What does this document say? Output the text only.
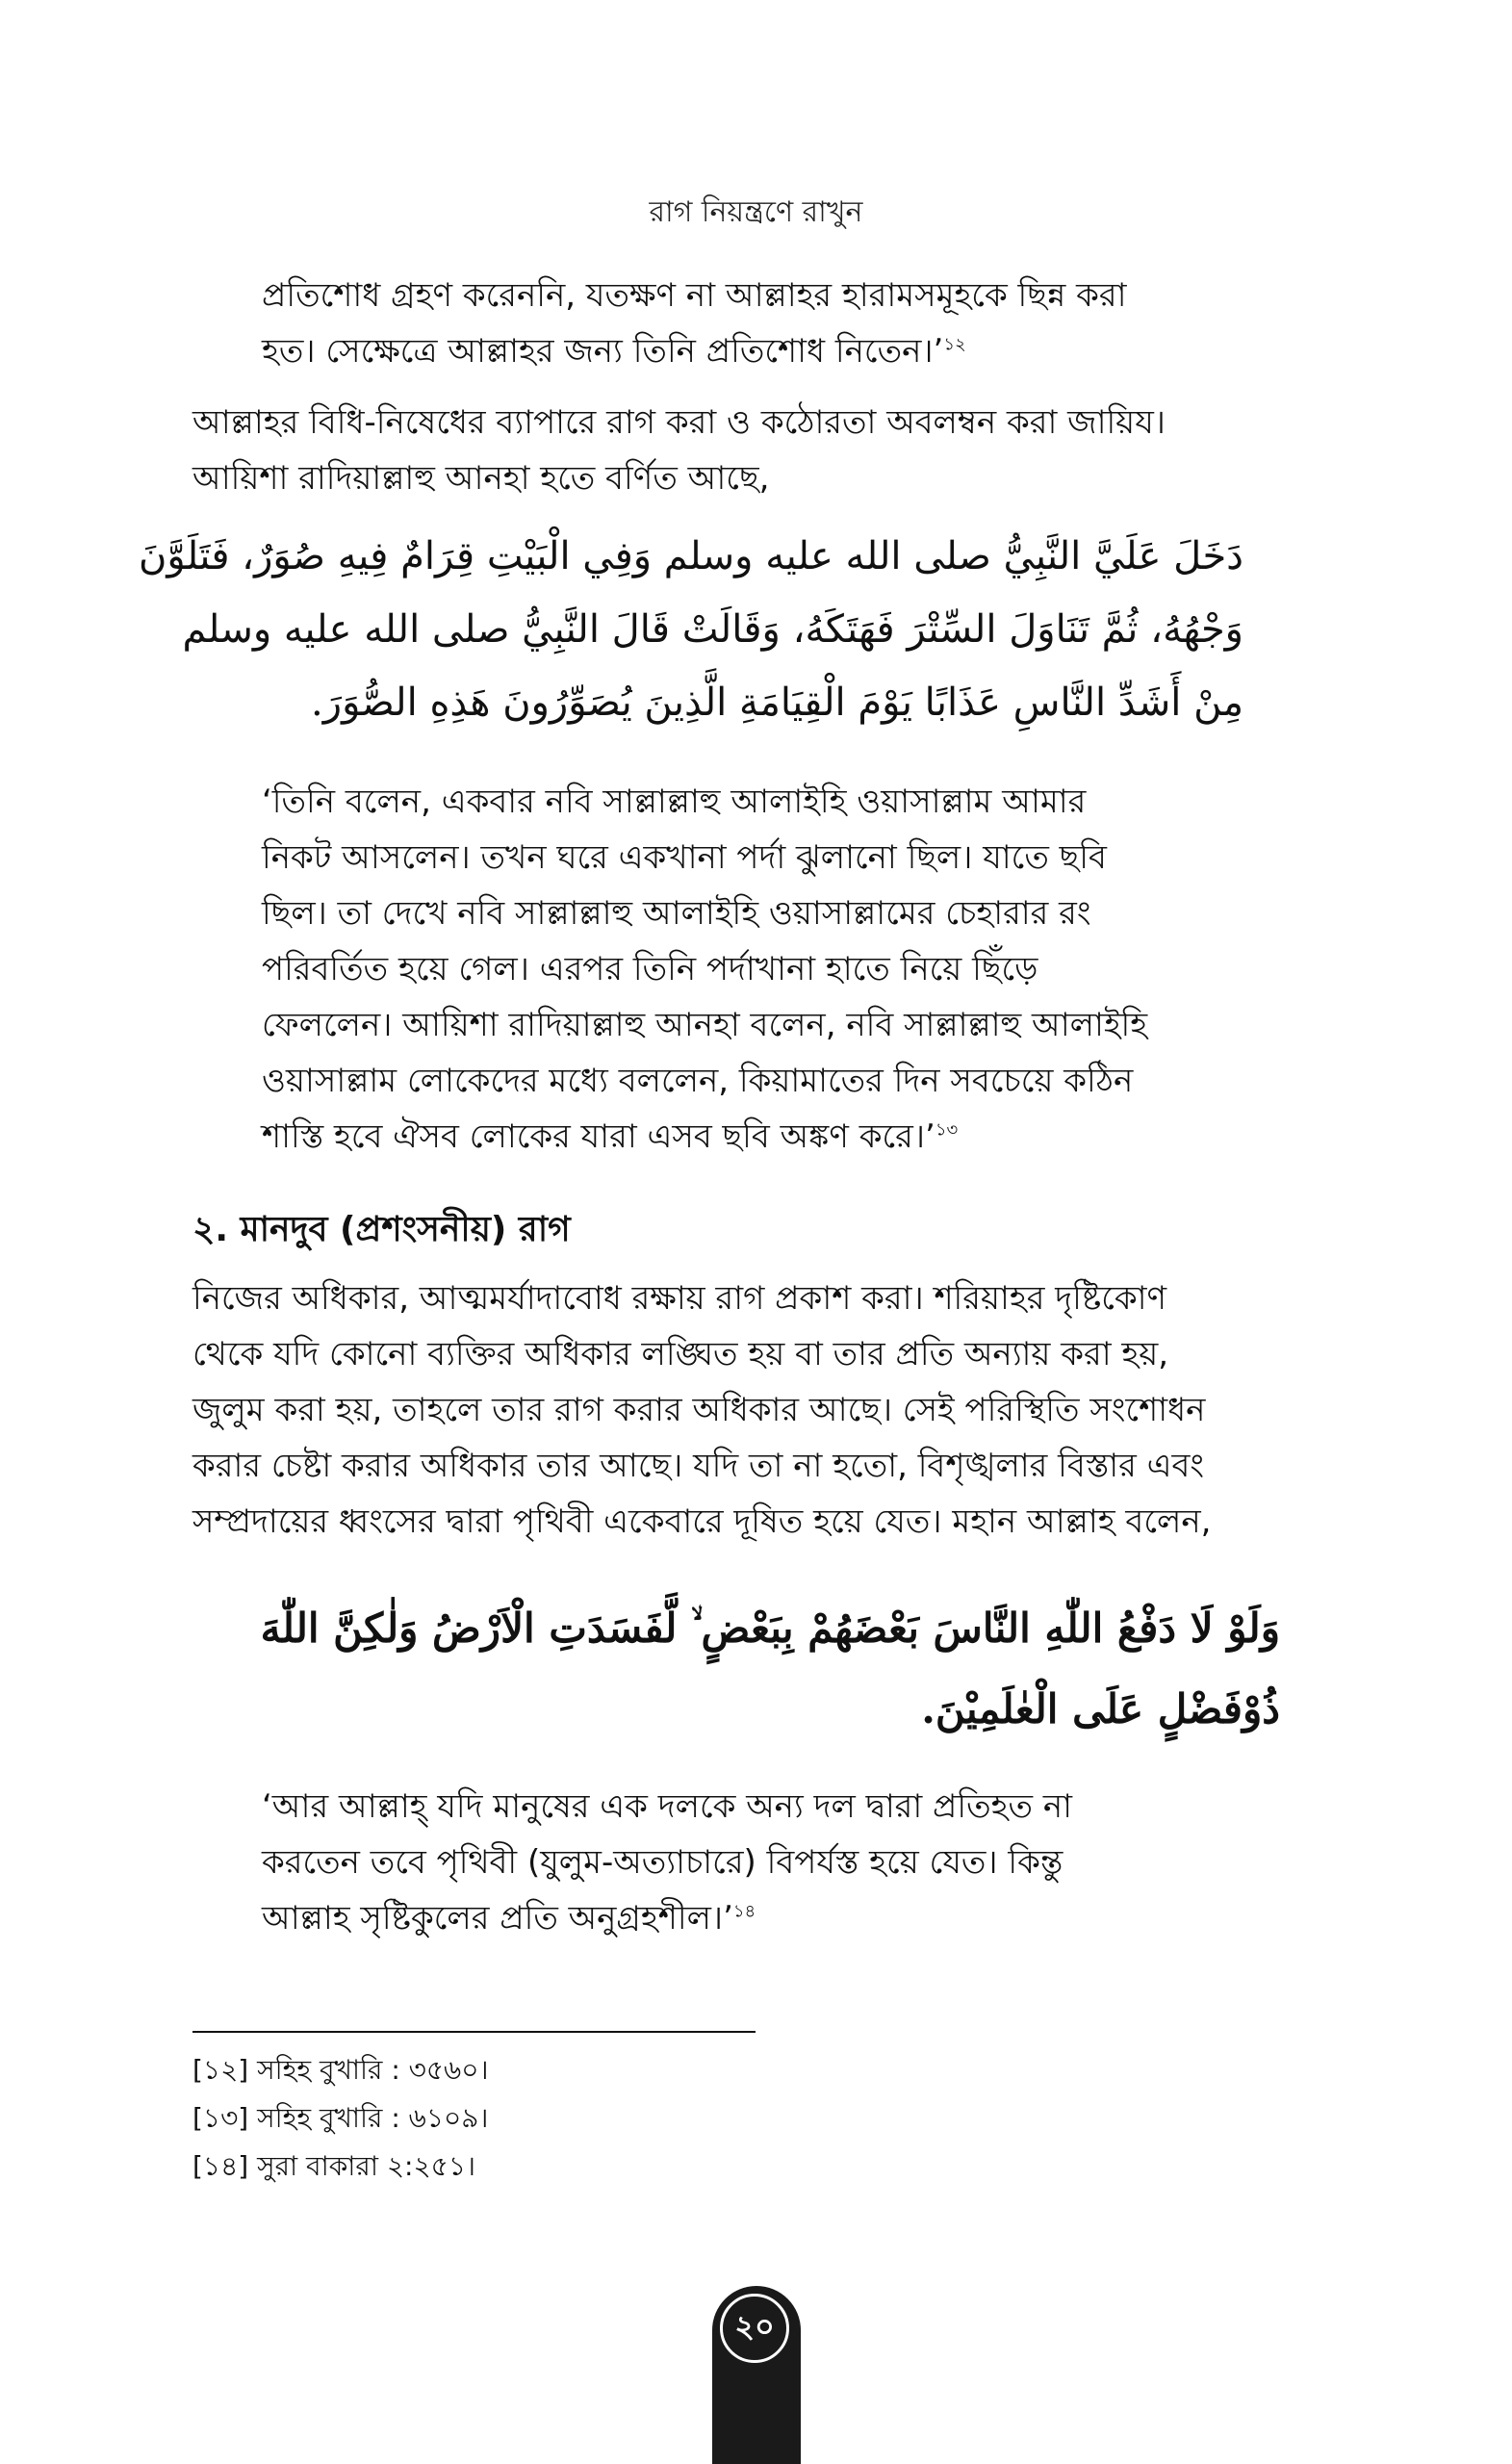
রাগ নিয়ন্ত্রণে রাখুন
প্রতিশোধ গ্রহণ করেননি, যতক্ষণ না আল্লাহর হারামসমূহকে ছিন্ন করা
হত। সেক্ষেত্রে আল্লাহর জন্য তিনি প্রতিশোধ নিতেন।’$^{১২}$
আল্লাহর বিধি-নিষেধের ব্যাপারে রাগ করা ও কঠোরতা অবলম্বন করা জায়িয।
আয়িশা রাদিয়াল্লাহু আনহা হতে বর্ণিত আছে,
دَخَلَ عَلَيَّ النَّبِيُّ صلى الله عليه وسلم وَفِي الْبَيْتِ قِرَامٌ فِيهِ صُوَرٌ، فَتَلَوَّنَ
وَجْهُهُ، ثُمَّ تَنَاوَلَ السِّتْرَ فَهَتَكَهُ، وَقَالَتْ قَالَ النَّبِيُّ صلى الله عليه وسلم
مِنْ أَشَدِّ النَّاسِ عَذَابًا يَوْمَ الْقِيَامَةِ الَّذِينَ يُصَوِّرُونَ هَذِهِ الصُّوَرَ.
‘তিনি বলেন, একবার নবি সাল্লাল্লাহু আলাইহি ওয়াসাল্লাম আমার
নিকট আসলেন। তখন ঘরে একখানা পর্দা ঝুলানো ছিল। যাতে ছবি
ছিল। তা দেখে নবি সাল্লাল্লাহু আলাইহি ওয়াসাল্লামের চেহারার রং
পরিবর্তিত হয়ে গেল। এরপর তিনি পর্দাখানা হাতে নিয়ে ছিঁড়ে
ফেললেন। আয়িশা রাদিয়াল্লাহু আনহা বলেন, নবি সাল্লাল্লাহু আলাইহি
ওয়াসাল্লাম লোকেদের মধ্যে বললেন, কিয়ামাতের দিন সবচেয়ে কঠিন
শাস্তি হবে ঐসব লোকের যারা এসব ছবি অঙ্কণ করে।’$^{১৩}$
২. মানদুব (প্রশংসনীয়) রাগ
নিজের অধিকার, আত্মমর্যাদাবোধ রক্ষায় রাগ প্রকাশ করা। শরিয়াহর দৃষ্টিকোণ
থেকে যদি কোনো ব্যক্তির অধিকার লঙ্ঘিত হয় বা তার প্রতি অন্যায় করা হয়,
জুলুম করা হয়, তাহলে তার রাগ করার অধিকার আছে। সেই পরিস্থিতি সংশোধন
করার চেষ্টা করার অধিকার তার আছে। যদি তা না হতো, বিশৃঙ্খলার বিস্তার এবং
সম্প্রদায়ের ধ্বংসের দ্বারা পৃথিবী একেবারে দূষিত হয়ে যেত। মহান আল্লাহ বলেন,
وَلَوْ لَا دَفْعُ اللّٰهِ النَّاسَ بَعْضَهُمْ بِبَعْضٍ ۙ لَّفَسَدَتِ الْاَرْضُ وَلٰكِنَّ اللّٰهَ
ذُوْفَضْلٍ عَلَى الْعٰلَمِيْنَ.
‘আর আল্লাহ্ যদি মানুষের এক দলকে অন্য দল দ্বারা প্রতিহত না
করতেন তবে পৃথিবী (যুলুম-অত্যাচারে) বিপর্যস্ত হয়ে যেত। কিন্তু
আল্লাহ সৃষ্টিকুলের প্রতি অনুগ্রহশীল।’$^{১৪}$
[১২] সহিহ বুখারি : ৩৫৬০।
[১৩] সহিহ বুখারি : ৬১০৯।
[১৪] সুরা বাকারা ২:২৫১।
২০
